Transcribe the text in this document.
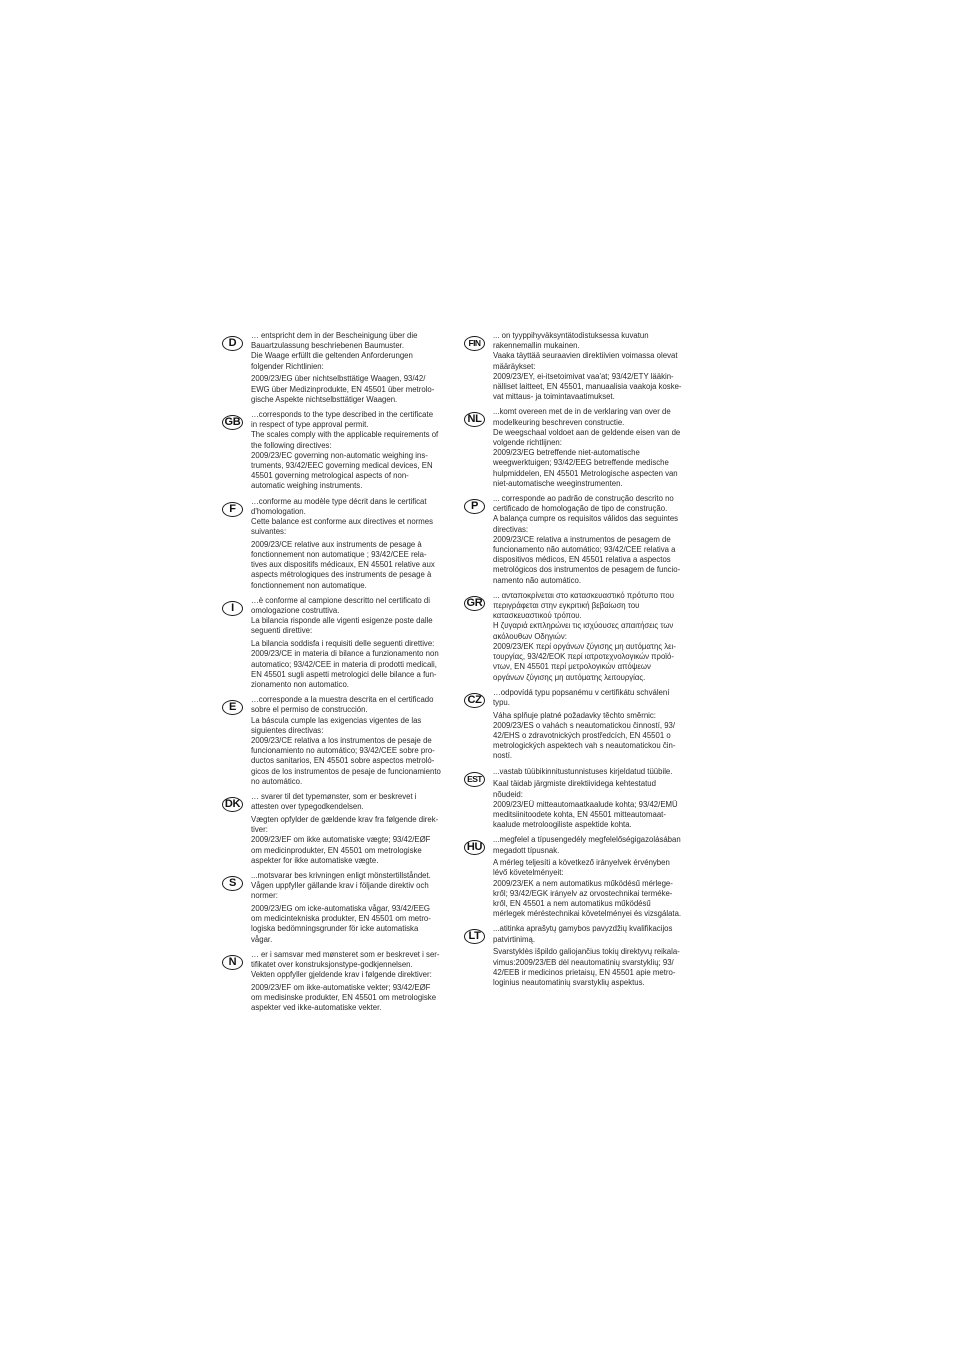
D

… entspricht dem in der Bescheinigung über die
Bauartzulassung beschriebenen Baumuster.
Die Waage erfüllt die geltenden Anforderungen
folgender Richtlinien:

2009/23/EG über nichtselbsttätige Waagen, 93/42/
EWG über Medizinprodukte, EN 45501 über metrolo-
gische Aspekte nichtselbsttätiger Waagen.

GB

…corresponds to the type described in the certificate
in respect of type approval permit.
The scales comply with the applicable requirements of
the following directives:
2009/23/EC governing non-automatic weighing ins-
truments, 93/42/EEC governing medical devices, EN
45501 governing metrological aspects of non-
automatic weighing instruments.

F

…conforme au modèle type décrit dans le certificat
d'homologation.
Cette balance est conforme aux directives et normes
suivantes:

2009/23/CE relative aux instruments de pesage à
fonctionnement non automatique ; 93/42/CEE rela-
tives aux dispositifs médicaux, EN 45501 relative aux
aspects métrologiques des instruments de pesage à
fonctionnement non automatique.

I

…è conforme al campione descritto nel certificato di
omologazione costruttiva.
La bilancia risponde alle vigenti esigenze poste dalle
seguenti direttive:

La bilancia soddisfa i requisiti delle seguenti direttive:
2009/23/CE in materia di bilance a funzionamento non
automatico; 93/42/CEE in materia di prodotti medicali,
EN 45501 sugli aspetti metrologici delle bilance a fun-
zionamento non automatico.

E

…corresponde a la muestra descrita en el certificado
sobre el permiso de construcción.
La báscula cumple las exigencias vigentes de las
siguientes directivas:
2009/23/CE relativa a los instrumentos de pesaje de
funcionamiento no automático; 93/42/CEE sobre pro-
ductos sanitarios, EN 45501 sobre aspectos metroló-
gicos de los instrumentos de pesaje de funcionamiento
no automático.

DK

… svarer til det typemønster, som er beskrevet i
attesten over typegodkendelsen.

Vægten opfylder de gældende krav fra følgende direk-
tiver:
2009/23/EF om ikke automatiske vægte; 93/42/EØF
om medicinprodukter, EN 45501 om metrologiske
aspekter for ikke automatiske vægte.

S

...motsvarar bes krivningen enligt mönstertillståndet.
Vågen uppfyller gällande krav i följande direktiv och
normer:

2009/23/EG om icke-automatiska vågar, 93/42/EEG
om medicintekniska produkter, EN 45501 om metro-
logiska bedömningsgrunder för icke automatiska
vågar.

N

… er i samsvar med mønsteret som er beskrevet i ser-
tifikatet over konstruksjonstype-godkjennelsen.
Vekten oppfyller gjeldende krav i følgende direktiver:

2009/23/EF om ikke-automatiske vekter; 93/42/EØF
om medisinske produkter, EN 45501 om metrologiske
aspekter ved ikke-automatiske vekter.

FIN

... on tyyppihyväksyntätodistuksessa kuvatun
rakennemallin mukainen.
Vaaka täyttää seuraavien direktiivien voimassa olevat
määräykset:
2009/23/EY, ei-itsetoimivat vaa'at; 93/42/ETY lääkin-
nälliset laitteet, EN 45501, manuaalisia vaakoja koske-
vat mittaus- ja toimintavaatimukset.

NL

...komt overeen met de in de verklaring van over de
modelkeuring beschreven constructie.
De weegschaal voldoet aan de geldende eisen van de
volgende richtlijnen:
2009/23/EG betreffende niet-automatische
weegwerktuigen; 93/42/EEG betreffende medische
hulpmiddelen, EN 45501 Metrologische aspecten van
niet-automatische weeginstrumenten.

P

... corresponde ao padrão de construção descrito no
certificado de homologação de tipo de construção.
A balança cumpre os requisitos válidos das seguintes
directivas:
2009/23/CE relativa a instrumentos de pesagem de
funcionamento não automático; 93/42/CEE relativa a
dispositivos médicos, EN 45501 relativa a aspectos
metrológicos dos instrumentos de pesagem de funcio-
namento não automático.

GR

... ανταποκρίνεται στο κατασκευαστικό πρότυπο που
περιγράφεται στην εγκριτική βεβαίωση του
κατασκευαστικού τρόπου.
Η ζυγαριά εκπληρώνει τις ισχύουσες απαιτήσεις των
ακόλουθων Οδηγιών:
2009/23/ΕΚ περί οργάνων ζύγισης μη αυτόματης λει-
τουργίας, 93/42/ΕΟΚ περί ιατροτεχνολογικών προϊό-
ντων, EN 45501 περί μετρολογικών απόψεων
οργάνων ζύγισης μη αυτόματης λειτουργίας.

CZ

…odpovídá typu popsanému v certifikátu schválení
typu.

Váha splňuje platné požadavky těchto směrnic:
2009/23/ES o vahách s neautomatickou činností, 93/
42/EHS o zdravotnických prostředcích, EN 45501 o
metrologických aspektech vah s neautomatickou čin-
ností.

EST

...vastab tüübikinnitustunnistuses kirjeldatud tüübile.

Kaal täidab järgmiste direktiividega kehtestatud
nõudeid:
2009/23/EÜ mitteautomaatkaalude kohta; 93/42/EMÜ
meditsiinitoodete kohta, EN 45501 mitteautomaat-
kaalude metroloogiliste aspektide kohta.

HU

...megfelel a típusengedély megfelelőségigazolásában
megadott típusnak.

A mérleg teljesíti a következő irányelvek érvényben
lévő követelményeit:
2009/23/EK a nem automatikus működésű mérlege-
kről; 93/42/EGK irányelv az orvostechnikai terméke-
kről, EN 45501 a nem automatikus működésű
mérlegek méréstechnikai követelményei és vizsgálata.

LT

...atitinka aprašytų gamybos pavyzdžių kvalifikacijos
patvirtinimą.

Svarstyklės išpildo galiojančius tokių direktyvų reikala-
vimus:2009/23/EB dėl neautomatinių svarstyklių; 93/
42/EEB ir medicinos prietaisų, EN 45501 apie metro-
loginius neautomatinių svarstyklių aspektus.
